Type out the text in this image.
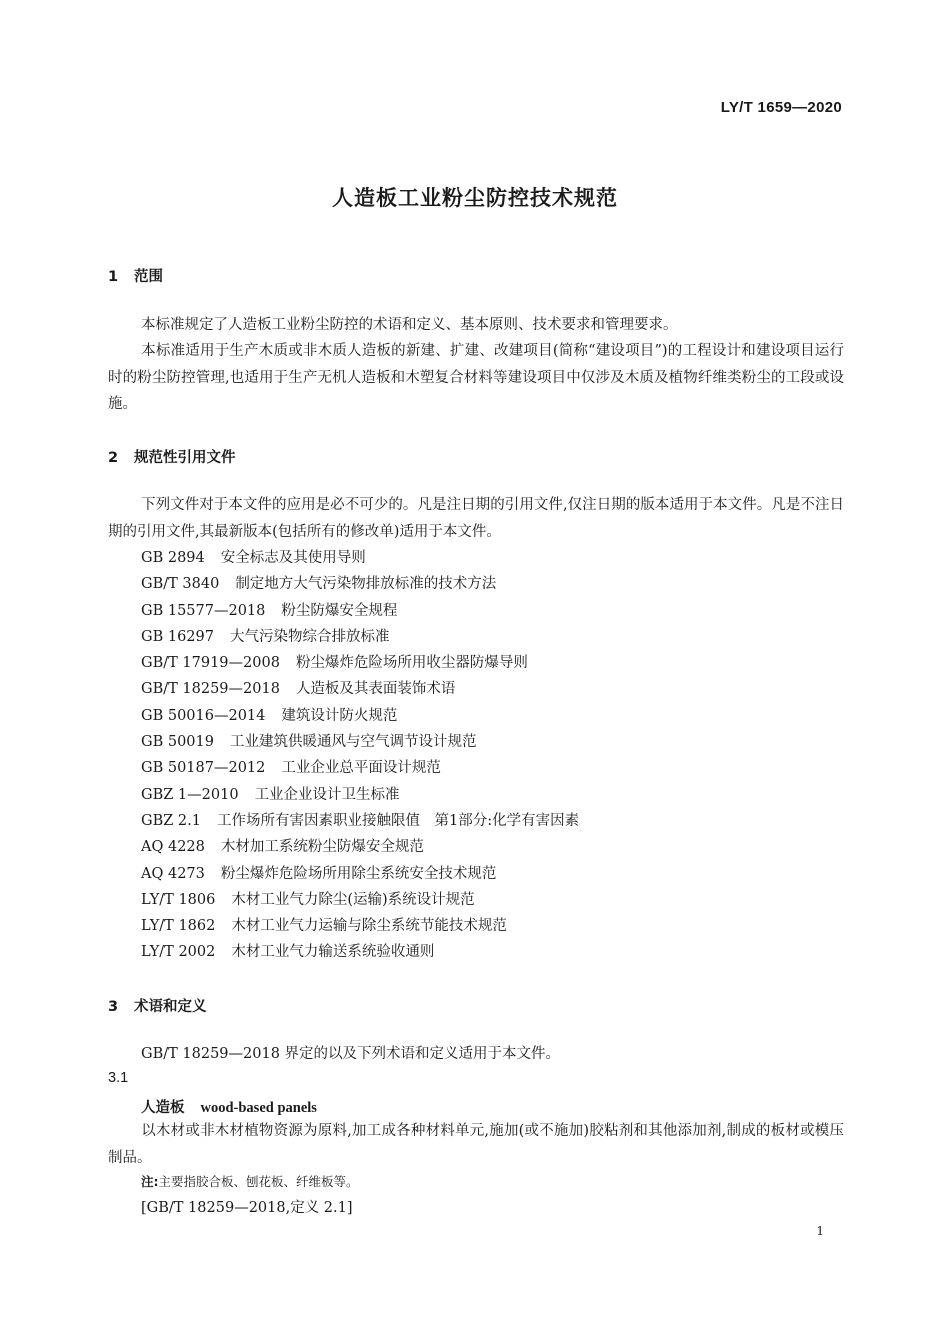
LY/T 1659—2020
人造板工业粉尘防控技术规范
1 范围
本标准规定了人造板工业粉尘防控的术语和定义、基本原则、技术要求和管理要求。
本标准适用于生产木质或非木质人造板的新建、扩建、改建项目(简称“建设项目”)的工程设计和建设项目运行时的粉尘防控管理,也适用于生产无机人造板和木塑复合材料等建设项目中仅涉及木质及植物纤维类粉尘的工段或设施。
2 规范性引用文件
下列文件对于本文件的应用是必不可少的。凡是注日期的引用文件,仅注日期的版本适用于本文件。凡是不注日期的引用文件,其最新版本(包括所有的修改单)适用于本文件。
GB 2894 安全标志及其使用导则
GB/T 3840 制定地方大气污染物排放标准的技术方法
GB 15577—2018 粉尘防爆安全规程
GB 16297 大气污染物综合排放标准
GB/T 17919—2008 粉尘爆炸危险场所用收尘器防爆导则
GB/T 18259—2018 人造板及其表面装饰术语
GB 50016—2014 建筑设计防火规范
GB 50019 工业建筑供暖通风与空气调节设计规范
GB 50187—2012 工业企业总平面设计规范
GBZ 1—2010 工业企业设计卫生标准
GBZ 2.1 工作场所有害因素职业接触限值　第1部分:化学有害因素
AQ 4228 木材加工系统粉尘防爆安全规范
AQ 4273 粉尘爆炸危险场所用除尘系统安全技术规范
LY/T 1806 木材工业气力除尘(运输)系统设计规范
LY/T 1862 木材工业气力运输与除尘系统节能技术规范
LY/T 2002 木材工业气力输送系统验收通则
3 术语和定义
GB/T 18259—2018 界定的以及下列术语和定义适用于本文件。
3.1
人造板 wood-based panels
以木材或非木材植物资源为原料,加工成各种材料单元,施加(或不施加)胶粘剂和其他添加剂,制成的板材或模压制品。
注:主要指胶合板、刨花板、纤维板等。
[GB/T 18259—2018,定义 2.1]
1
